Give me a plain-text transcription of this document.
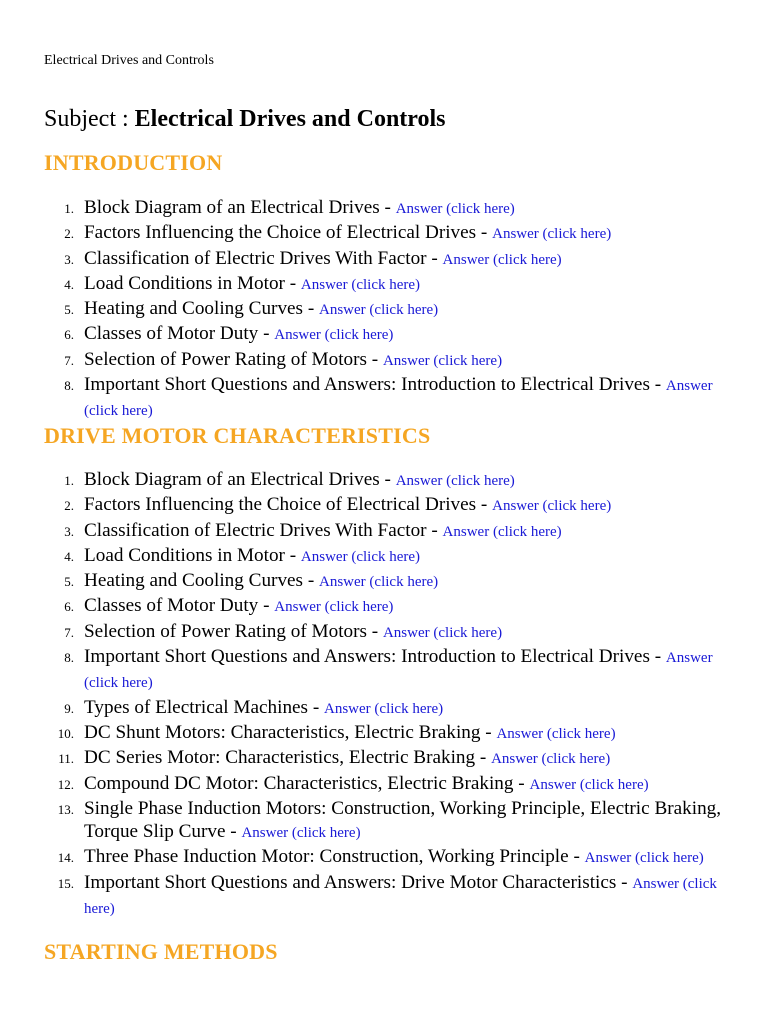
Electrical Drives and Controls
Subject : Electrical Drives and Controls
INTRODUCTION
1. Block Diagram of an Electrical Drives - Answer (click here)
2. Factors Influencing the Choice of Electrical Drives - Answer (click here)
3. Classification of Electric Drives With Factor - Answer (click here)
4. Load Conditions in Motor - Answer (click here)
5. Heating and Cooling Curves - Answer (click here)
6. Classes of Motor Duty - Answer (click here)
7. Selection of Power Rating of Motors - Answer (click here)
8. Important Short Questions and Answers: Introduction to Electrical Drives - Answer (click here)
DRIVE MOTOR CHARACTERISTICS
1. Block Diagram of an Electrical Drives - Answer (click here)
2. Factors Influencing the Choice of Electrical Drives - Answer (click here)
3. Classification of Electric Drives With Factor - Answer (click here)
4. Load Conditions in Motor - Answer (click here)
5. Heating and Cooling Curves - Answer (click here)
6. Classes of Motor Duty - Answer (click here)
7. Selection of Power Rating of Motors - Answer (click here)
8. Important Short Questions and Answers: Introduction to Electrical Drives - Answer (click here)
9. Types of Electrical Machines - Answer (click here)
10. DC Shunt Motors: Characteristics, Electric Braking - Answer (click here)
11. DC Series Motor: Characteristics, Electric Braking - Answer (click here)
12. Compound DC Motor: Characteristics, Electric Braking - Answer (click here)
13. Single Phase Induction Motors: Construction, Working Principle, Electric Braking, Torque Slip Curve - Answer (click here)
14. Three Phase Induction Motor: Construction, Working Principle - Answer (click here)
15. Important Short Questions and Answers: Drive Motor Characteristics - Answer (click here)
STARTING METHODS
